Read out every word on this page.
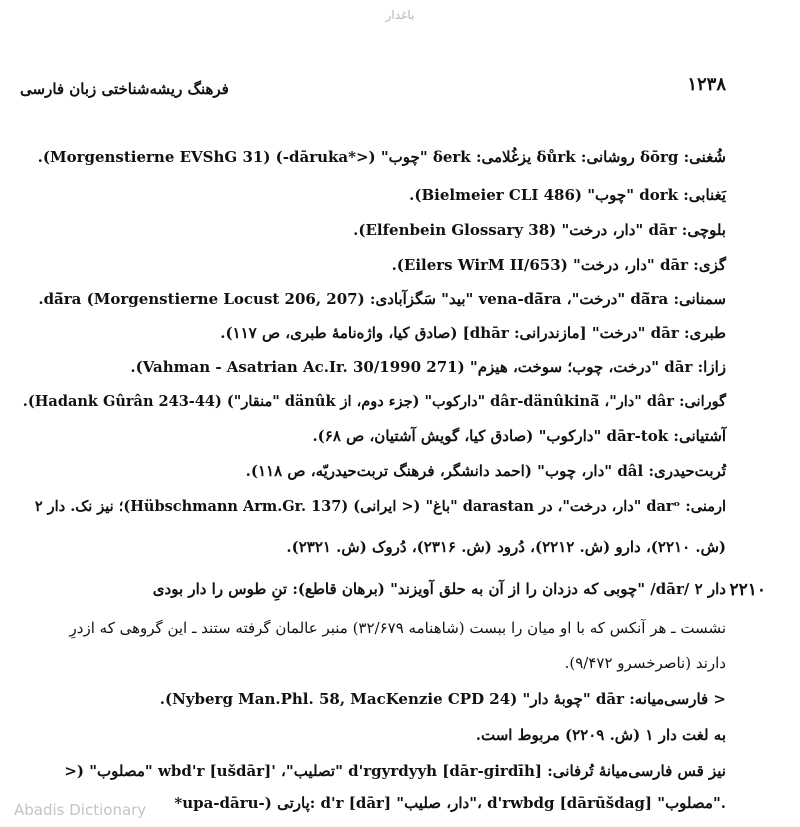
باغدار
فرهنگ ریشه‌شناختی زبان فارسی	۱۲۳۸
شُغنی: δōrg روشانی: δůrk یزغُلامی: δerk "چوب" (<*dāruka-) (Morgenstierne EVShG 31).
یَغنابی: dork "چوب" (Bielmeier CLI 486).
بلوچی: dār "دار، درخت" (Elfenbein Glossary 38).
گزی: dār "دار، درخت" (Eilers WirM II/653).
سمنانی: dā̆ra "درخت"، vena-dā̆ra "بید" سَگزآبادی: dā̆ra (Morgenstierne Locust 206, 207).
طبری: dār "درخت" [مازندرانی: dhār] (صادق کیا، واژه‌نامهٔ طبری، ص ۱۱۷).
زازا: dār "درخت، چوب؛ سوخت، هیزم" (Vahman - Asatrian Ac.Ir. 30/1990 271).
گورانی: dâr "دار"، dâr-dänûkinā̆ "دارکوب" (جزء دوم، از dänûk "منقار") (Hadank Gûrân 243-44).
آشتیانی: dār-tok "دارکوب" (صادق کیا، گویش آشتیان، ص ۶۸).
تُربت‌حیدری: dâl "دار، چوب" (احمد دانشگر، فرهنگ تربت‌حیدریّه، ص ۱۱۸).
ارمنی: darᵒ "دار، درخت"، در darastan "باغ" (< ایرانی) (Hübschmann Arm.Gr. 137)؛ نیز نک. دار ۲
(ش. ۲۲۱۰)، دارو (ش. ۲۲۱۲)، دُرود (ش. ۲۳۱۶)، دُروک (ش. ۲۳۲۱).
۲۲۱۰
دار ۲ /dār/ "چوبی که دزدان را از آن به حلق آویزند" (برهان قاطع): تنِ طوس را دار بودی
نشست ـ هر آنکس که با او میان را ببست (شاهنامه ۳۲/۶۷۹) منبر عالمان گرفته ستند ـ این گروهی که ازدرِ
دارند (ناصرخسرو ۹/۴۷۲).
< فارسی‌میانه: dār "چوبهٔ دار" (Nyberg Man.Phl. 58, MacKenzie CPD 24).
به لغت دار ۱ (ش. ۲۲۰۹) مربوط است.
نیز قس فارسی‌میانهٔ تُرفانی: d'rgyrdyyh [dār-girdīh] "تصلیب"، 'wbd'r [ušdār] "مصلوب" (<
*upa-dāru-) پارتی: d'r [dār] "دار، صلیب"، d'rwbdg [dārūšdag] "مصلوب".
Abadis Dictionary
